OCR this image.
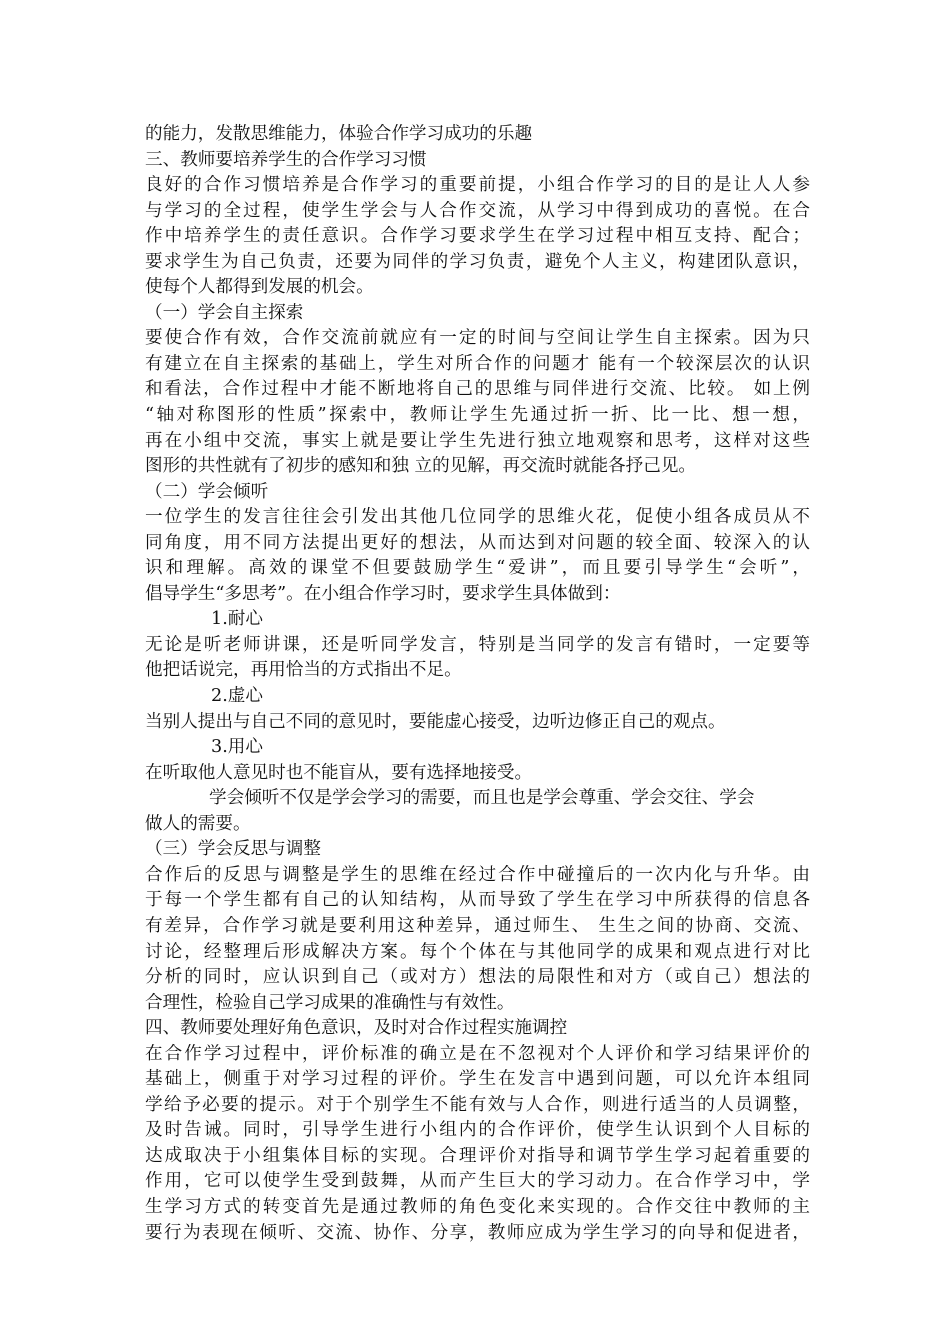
的能力，发散思维能力，体验合作学习成功的乐趣
三、教师要培养学生的合作学习习惯
良好的合作习惯培养是合作学习的重要前提，小组合作学习的目的是让人人参
与学习的全过程，使学生学会与人合作交流，从学习中得到成功的喜悦。在合
作中培养学生的责任意识。合作学习要求学生在学习过程中相互支持、配合；
要求学生为自己负责，还要为同伴的学习负责，避免个人主义，构建团队意识，
使每个人都得到发展的机会。
（一）学会自主探索
要使合作有效，合作交流前就应有一定的时间与空间让学生自主探索。因为只
有建立在自主探索的基础上，学生对所合作的问题才 能有一个较深层次的认识
和看法，合作过程中才能不断地将自己的思维与同伴进行交流、比较。 如上例
“轴对称图形的性质”探索中，教师让学生先通过折一折、比一比、想一想，
再在小组中交流，事实上就是要让学生先进行独立地观察和思考，这样对这些
图形的共性就有了初步的感知和独 立的见解，再交流时就能各抒己见。
（二）学会倾听
一位学生的发言往往会引发出其他几位同学的思维火花，促使小组各成员从不
同角度，用不同方法提出更好的想法，从而达到对问题的较全面、较深入的认
识和理解。高效的课堂不但要鼓励学生“爱讲”，而且要引导学生“会听”，
倡导学生“多思考”。在小组合作学习时，要求学生具体做到：
1.耐心
无论是听老师讲课，还是听同学发言，特别是当同学的发言有错时，一定要等
他把话说完，再用恰当的方式指出不足。
2.虚心
当别人提出与自己不同的意见时，要能虚心接受，边听边修正自己的观点。
3.用心
在听取他人意见时也不能盲从，要有选择地接受。
学会倾听不仅是学会学习的需要，而且也是学会尊重、学会交往、学会
做人的需要。
（三）学会反思与调整
合作后的反思与调整是学生的思维在经过合作中碰撞后的一次内化与升华。由
于每一个学生都有自己的认知结构，从而导致了学生在学习中所获得的信息各
有差异，合作学习就是要利用这种差异，通过师生、 生生之间的协商、交流、
讨论，经整理后形成解决方案。每个个体在与其他同学的成果和观点进行对比
分析的同时，应认识到自己（或对方）想法的局限性和对方（或自己）想法的
合理性，检验自己学习成果的准确性与有效性。
四、教师要处理好角色意识，及时对合作过程实施调控
在合作学习过程中，评价标准的确立是在不忽视对个人评价和学习结果评价的
基础上，侧重于对学习过程的评价。学生在发言中遇到问题，可以允许本组同
学给予必要的提示。对于个别学生不能有效与人合作，则进行适当的人员调整，
及时告诫。同时，引导学生进行小组内的合作评价，使学生认识到个人目标的
达成取决于小组集体目标的实现。合理评价对指导和调节学生学习起着重要的
作用，它可以使学生受到鼓舞，从而产生巨大的学习动力。在合作学习中，学
生学习方式的转变首先是通过教师的角色变化来实现的。合作交往中教师的主
要行为表现在倾听、交流、协作、分享，教师应成为学生学习的向导和促进者，
